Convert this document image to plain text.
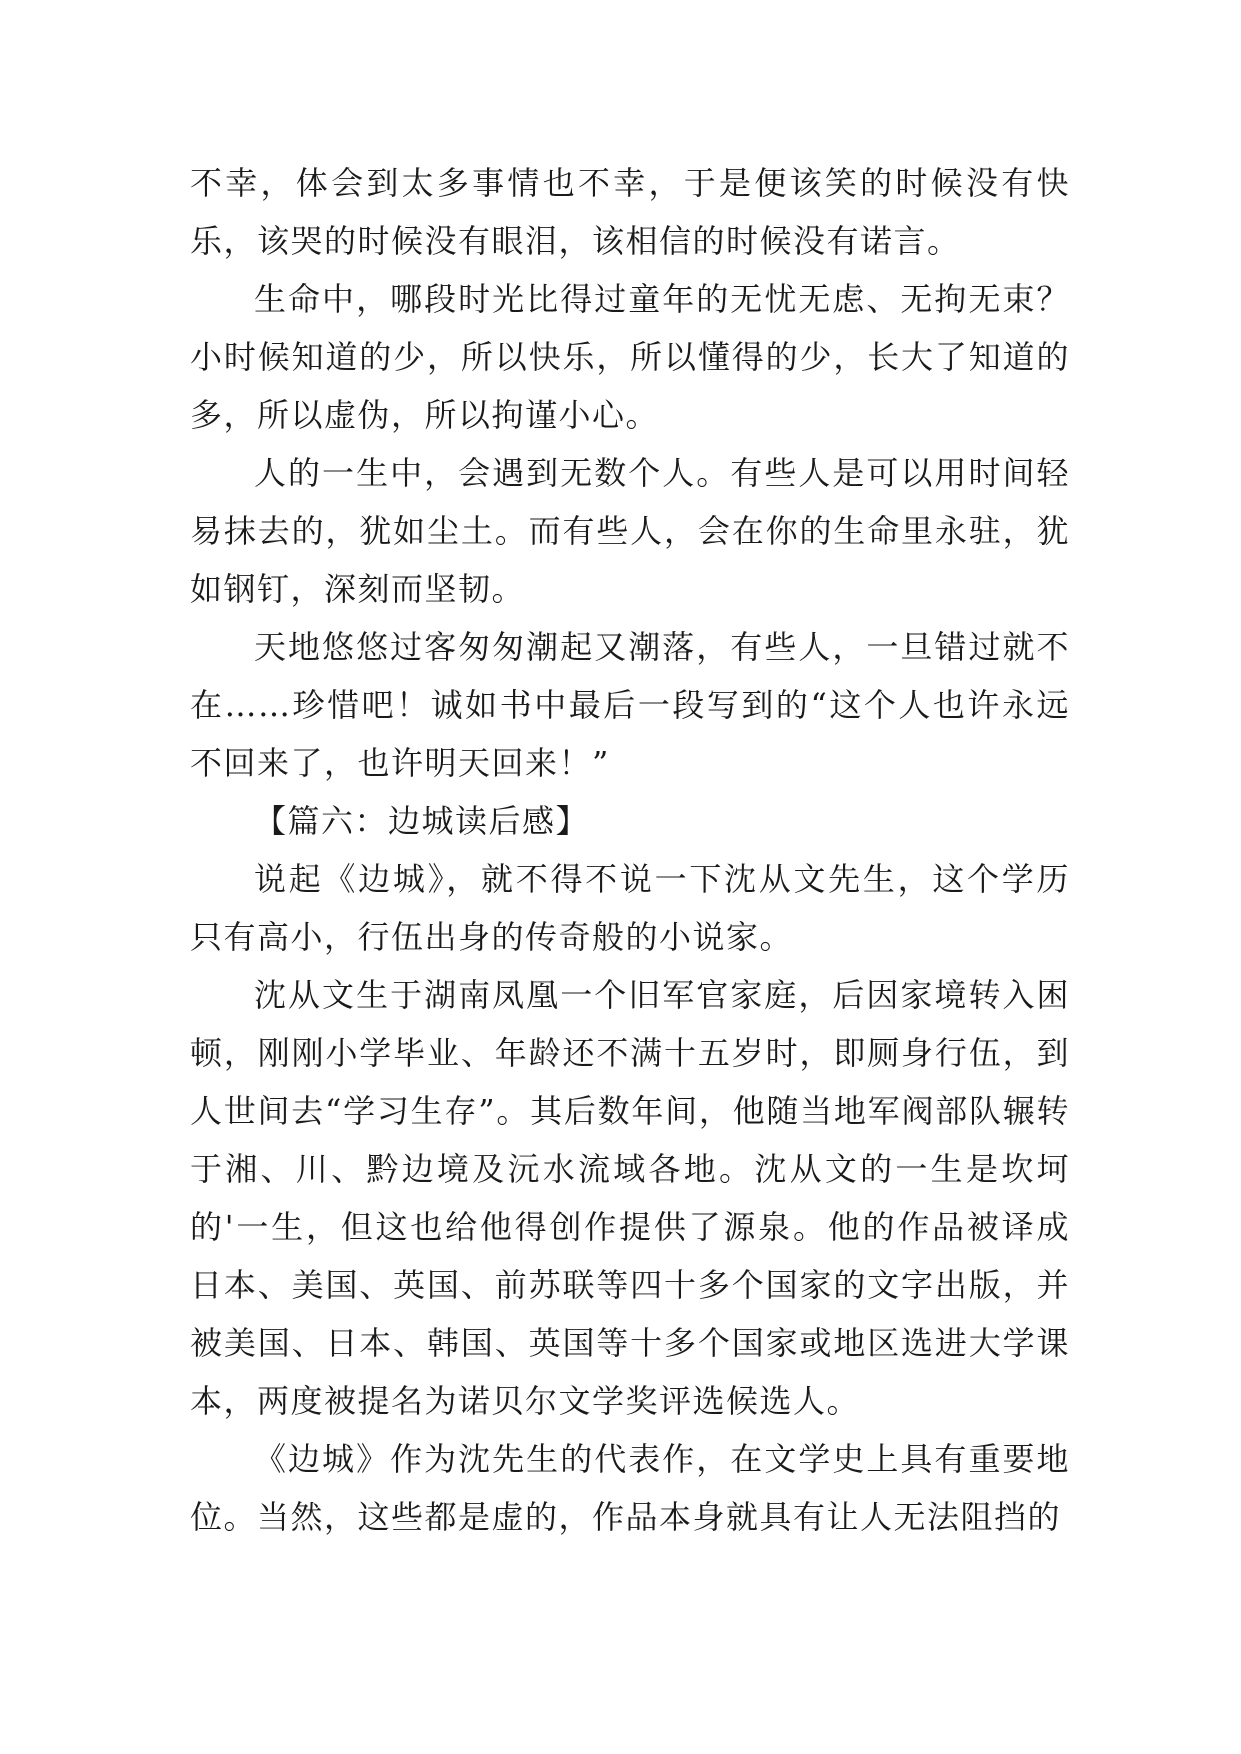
不幸，体会到太多事情也不幸，于是便该笑的时候没有快乐，该哭的时候没有眼泪，该相信的时候没有诺言。

生命中，哪段时光比得过童年的无忧无虑、无拘无束？小时候知道的少，所以快乐，所以懂得的少，长大了知道的多，所以虚伪，所以拘谨小心。

人的一生中，会遇到无数个人。有些人是可以用时间轻易抹去的，犹如尘土。而有些人，会在你的生命里永驻，犹如钢钉，深刻而坚韧。

天地悠悠过客匆匆潮起又潮落，有些人，一旦错过就不在……珍惜吧！诚如书中最后一段写到的“这个人也许永远不回来了，也许明天回来！”

【篇六：边城读后感】

说起《边城》，就不得不说一下沈从文先生，这个学历只有高小，行伍出身的传奇般的小说家。

沈从文生于湖南凤凰一个旧军官家庭，后因家境转入困顿，刚刚小学毕业、年龄还不满十五岁时，即厕身行伍，到人世间去“学习生存”。其后数年间，他随当地军阀部队辗转于湘、川、黔边境及沅水流域各地。沈从文的一生是坎坷的'一生，但这也给他得创作提供了源泉。他的作品被译成日本、美国、英国、前苏联等四十多个国家的文字出版，并被美国、日本、韩国、英国等十多个国家或地区选进大学课本，两度被提名为诺贝尔文学奖评选候选人。

《边城》作为沈先生的代表作，在文学史上具有重要地位。当然，这些都是虚的，作品本身就具有让人无法阻挡的
